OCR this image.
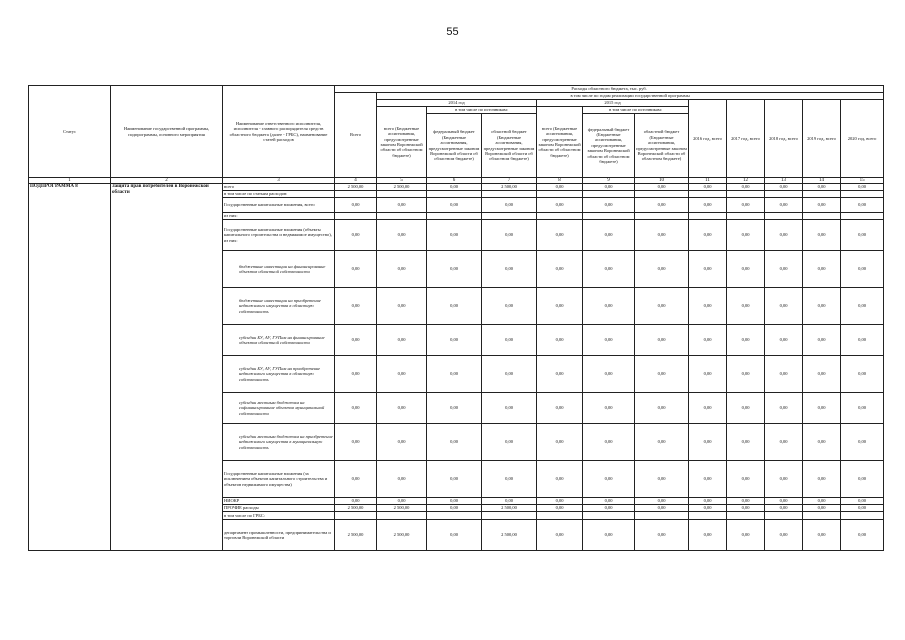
55
Статус	Наименование государственной программы, подпрограммы, основного мероприятия	Наименование ответственного исполнителя, исполнителя - главного распорядителя средств областного бюджета (далее - ГРБС), наименование статей расходов	Расходы областного бюджета, тыс. руб.											
			Всего	в том числе по годам реализации государственной программы										
				2014 год			2015 год			2016 год, всего	2017 год, всего	2018 год, всего	2019 год, всего	2020 год, всего
				всего (Бюджетные ассигнования, предусмотренные законом Воронежской области об областном бюджете)	в том числе по источникам:		всего (Бюджетные ассигнования, предусмотренные законом Воронежской области об областном бюджете)	в том числе по источникам:						
					федеральный бюджет (Бюджетные ассигнования, предусмотренные законом Воронежской области об областном бюджете)	областной бюджет (Бюджетные ассигнования, предусмотренные законом Воронежской области об областном бюджете)		федеральный бюджет (Бюджетные ассигнования, предусмотренные законом Воронежской области об областном бюджете)	областной бюджет (Бюджетные ассигнования, предусмотренные законом Воронежской области об областном бюджете)					
1	2	3	4	5	6	7	8	9	10	11	12	13	14	15
ПОДПРОГРАММА 8	Защита прав потребителей в Воронежской области	всего	2 500,00	2 500,00	0,00	2 500,00	0,00	0,00	0,00	0,00	0,00	0,00	0,00	0,00
		в том числе по статьям расходов:												
		Государственные капитальные вложения, всего	0,00	0,00	0,00	0,00	0,00	0,00	0,00	0,00	0,00	0,00	0,00	0,00
		из них:												
		Государственные капитальные вложения (объекты капитального строительства и недвижимое имущество), из них:	0,00	0,00	0,00	0,00	0,00	0,00	0,00	0,00	0,00	0,00	0,00	0,00
		бюджетные инвестиции на финансирование объектов областной собственности	0,00	0,00	0,00	0,00	0,00	0,00	0,00	0,00	0,00	0,00	0,00	0,00
		бюджетные инвестиции на приобретение недвижимого имущества в областную собственность	0,00	0,00	0,00	0,00	0,00	0,00	0,00	0,00	0,00	0,00	0,00	0,00
		субсидии БУ, АУ, ГУПам на финансирование объектов областной собственности	0,00	0,00	0,00	0,00	0,00	0,00	0,00	0,00	0,00	0,00	0,00	0,00
		субсидии БУ, АУ, ГУПам на приобретение недвижимого имущества в областную собственность	0,00	0,00	0,00	0,00	0,00	0,00	0,00	0,00	0,00	0,00	0,00	0,00
		субсидии местным бюджетам на софинансирование объектов муниципальной собственности	0,00	0,00	0,00	0,00	0,00	0,00	0,00	0,00	0,00	0,00	0,00	0,00
		субсидии местным бюджетам на приобретение недвижимого имущества в муниципальную собственность	0,00	0,00	0,00	0,00	0,00	0,00	0,00	0,00	0,00	0,00	0,00	0,00
		Государственные капитальные вложения (за исключением объектов капитального строительства и объектов недвижимого имущества)	0,00	0,00	0,00	0,00	0,00	0,00	0,00	0,00	0,00	0,00	0,00	0,00
		НИОКР	0,00	0,00	0,00	0,00	0,00	0,00	0,00	0,00	0,00	0,00	0,00	0,00
		ПРОЧИЕ расходы	2 500,00	2 500,00	0,00	2 500,00	0,00	0,00	0,00	0,00	0,00	0,00	0,00	0,00
		в том числе по ГРБС:												
		департамент промышленности, предпринимательства и торговли Воронежской области	2 500,00	2 500,00	0,00	2 500,00	0,00	0,00	0,00	0,00	0,00	0,00	0,00	0,00
